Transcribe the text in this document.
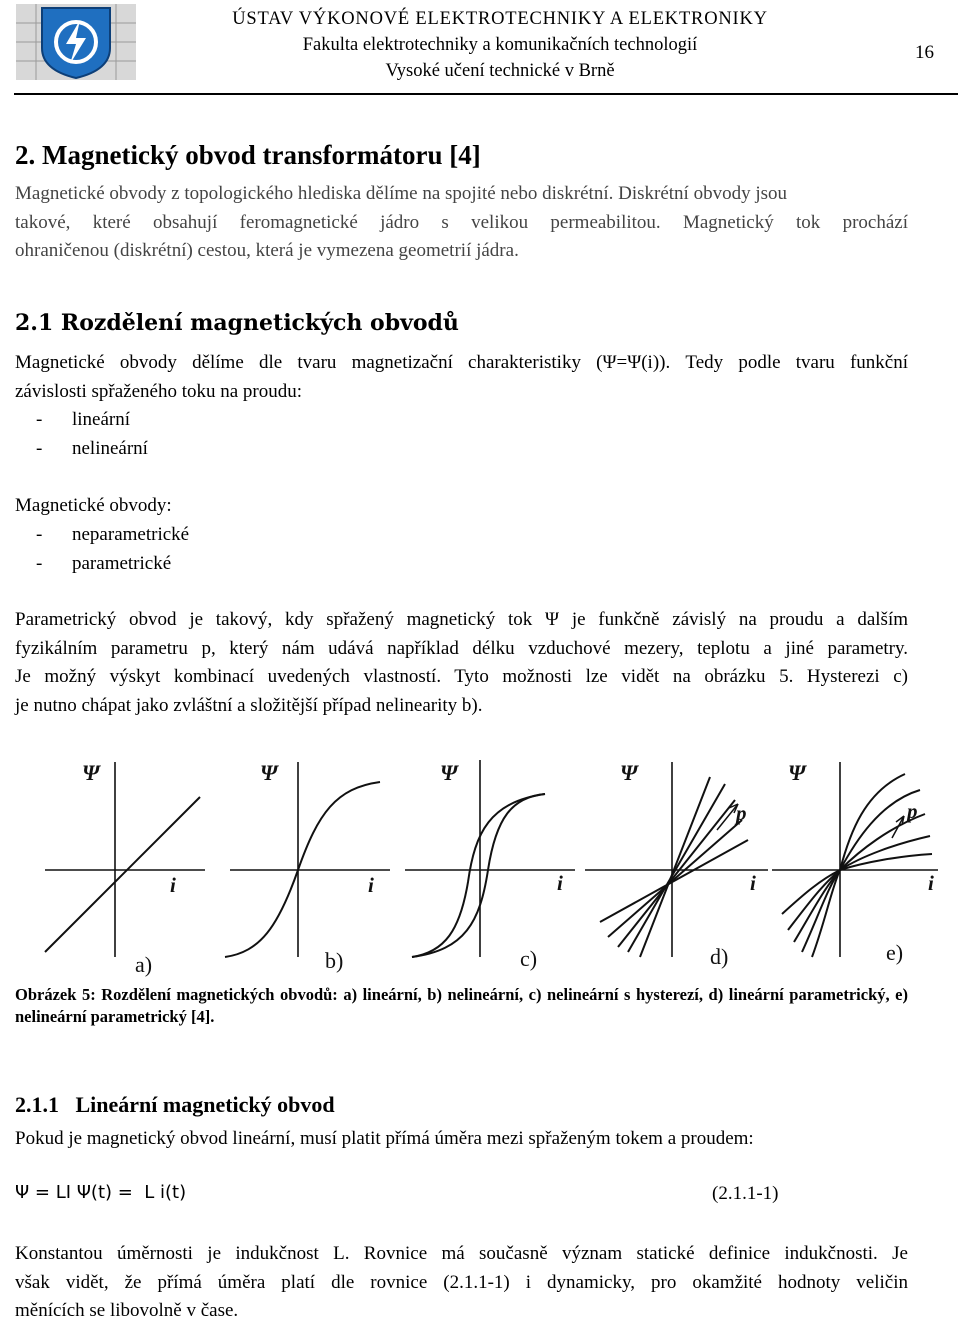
ÚSTAV VÝKONOVÉ ELEKTROTECHNIKY A ELEKTRONIKY
Fakulta elektrotechniky a komunikačních technologií
Vysoké učení technické v Brně
16
2. Magnetický obvod transformátoru [4]
Magnetické obvody z topologického hlediska dělíme na spojité nebo diskrétní. Diskrétní obvody jsou
takové, které obsahují feromagnetické jádro s velikou permeabilitou. Magnetický tok prochází
ohraničenou (diskrétní) cestou, která je vymezena geometrií jádra.
2.1 Rozdělení magnetických obvodů
Magnetické obvody dělíme dle tvaru magnetizační charakteristiky (Ψ=Ψ(i)). Tedy podle tvaru funkční
závislosti spřaženého toku na proudu:
- lineární
- nelineární
Magnetické obvody:
- neparametrické
- parametrické
Parametrický obvod je takový, kdy spřažený magnetický tok Ψ je funkčně závislý na proudu a dalším
fyzikálním parametru p, který nám udává například délku vzduchové mezery, teplotu a jiné parametry.
Je možný výskyt kombinací uvedených vlastností. Tyto možnosti lze vidět na obrázku 5. Hysterezi c)
je nutno chápat jako zvláštní a složitější případ nelinearity b).
Ψ
i
a)
Ψ
i
b)
Ψ
i
c)
Ψ
p
i
d)
Ψ
p
i
e)

Obrázek 5: Rozdělení magnetických obvodů: a) lineární, b) nelineární, c) nelineární s hysterezí, d) lineární parametrický, e) nelineární parametrický [4].

2.1.1   Lineární magnetický obvod
Pokud je magnetický obvod lineární, musí platit přímá úměra mezi spřaženým tokem a proudem:
Ψ = LI Ψ(t) =  L i(t)	(2.1.1-1)
Konstantou úměrnosti je indukčnost L. Rovnice má současně význam statické definice indukčnosti. Je
však vidět, že přímá úměra platí dle rovnice (2.1.1-1) i dynamicky, pro okamžité hodnoty veličin
měnících se libovolně v čase.
